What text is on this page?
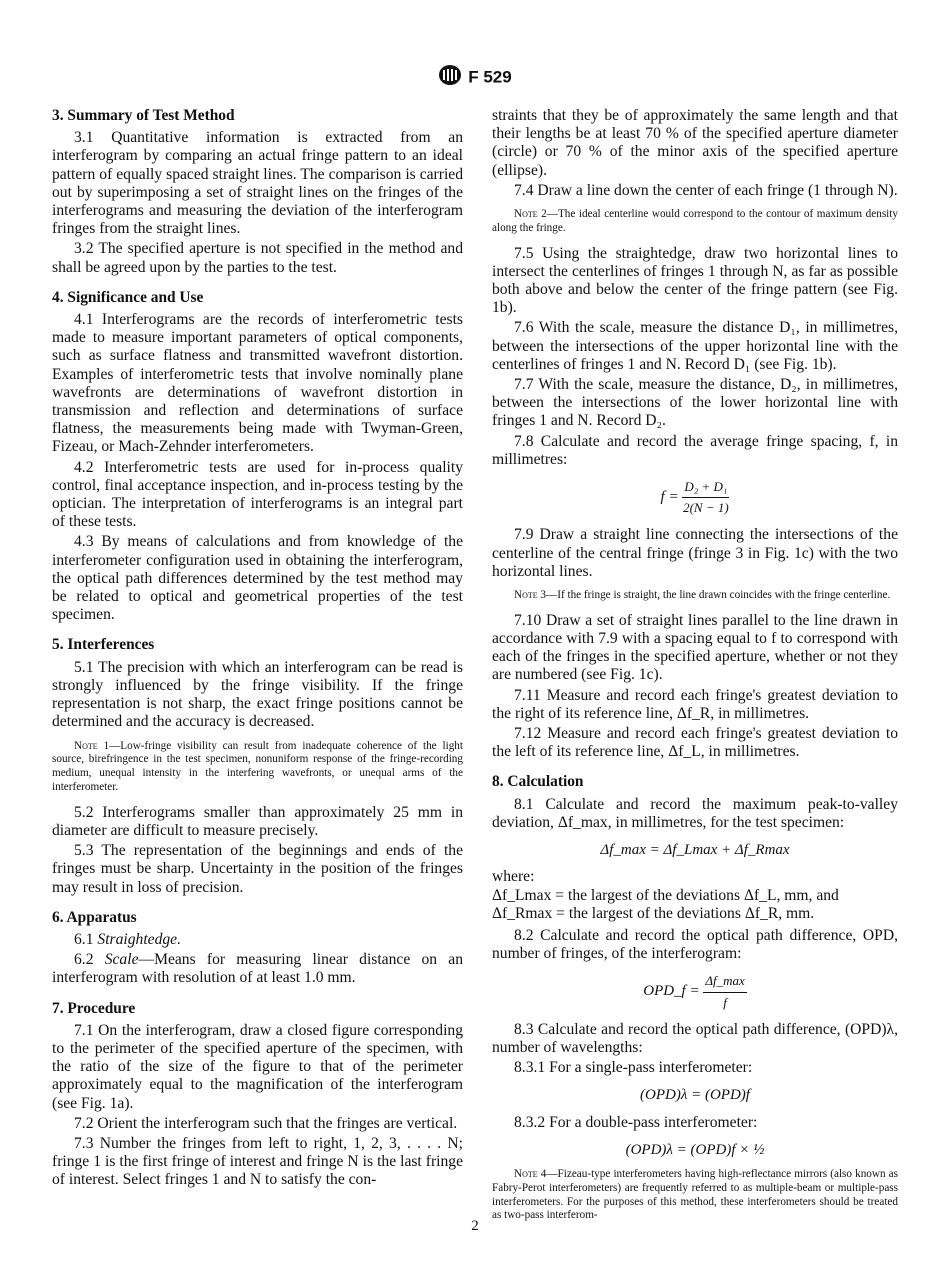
F 529
3. Summary of Test Method

3.1 Quantitative information is extracted from an interferogram by comparing an actual fringe pattern to an ideal pattern of equally spaced straight lines. The comparison is carried out by superimposing a set of straight lines on the fringes of the interferograms and measuring the deviation of the interferogram fringes from the straight lines.

3.2 The specified aperture is not specified in the method and shall be agreed upon by the parties to the test.

4. Significance and Use

4.1 Interferograms are the records of interferometric tests made to measure important parameters of optical components, such as surface flatness and transmitted wavefront distortion. Examples of interferometric tests that involve nominally plane wavefronts are determinations of wavefront distortion in transmission and reflection and determinations of surface flatness, the measurements being made with Twyman-Green, Fizeau, or Mach-Zehnder interferometers.

4.2 Interferometric tests are used for in-process quality control, final acceptance inspection, and in-process testing by the optician. The interpretation of interferograms is an integral part of these tests.

4.3 By means of calculations and from knowledge of the interferometer configuration used in obtaining the interferogram, the optical path differences determined by the test method may be related to optical and geometrical properties of the test specimen.

5. Interferences

5.1 The precision with which an interferogram can be read is strongly influenced by the fringe visibility. If the fringe representation is not sharp, the exact fringe positions cannot be determined and the accuracy is decreased.

Note 1—Low-fringe visibility can result from inadequate coherence of the light source, birefringence in the test specimen, nonuniform response of the fringe-recording medium, unequal intensity in the interfering wavefronts, or unequal arms of the interferometer.

5.2 Interferograms smaller than approximately 25 mm in diameter are difficult to measure precisely.

5.3 The representation of the beginnings and ends of the fringes must be sharp. Uncertainty in the position of the fringes may result in loss of precision.

6. Apparatus

6.1 Straightedge.

6.2 Scale—Means for measuring linear distance on an interferogram with resolution of at least 1.0 mm.

7. Procedure

7.1 On the interferogram, draw a closed figure corresponding to the perimeter of the specified aperture of the specimen, with the ratio of the size of the figure to that of the perimeter approximately equal to the magnification of the interferogram (see Fig. 1a).

7.2 Orient the interferogram such that the fringes are vertical.

7.3 Number the fringes from left to right, 1, 2, 3, . . . . N; fringe 1 is the first fringe of interest and fringe N is the last fringe of interest. Select fringes 1 and N to satisfy the con-

straints that they be of approximately the same length and that their lengths be at least 70 % of the specified aperture diameter (circle) or 70 % of the minor axis of the specified aperture (ellipse).

7.4 Draw a line down the center of each fringe (1 through N).

Note 2—The ideal centerline would correspond to the contour of maximum density along the fringe.

7.5 Using the straightedge, draw two horizontal lines to intersect the centerlines of fringes 1 through N, as far as possible both above and below the center of the fringe pattern (see Fig. 1b).

7.6 With the scale, measure the distance D₁, in millimetres, between the intersections of the upper horizontal line with the centerlines of fringes 1 and N. Record D₁ (see Fig. 1b).

7.7 With the scale, measure the distance, D₂, in millimetres, between the intersections of the lower horizontal line with fringes 1 and N. Record D₂.

7.8 Calculate and record the average fringe spacing, f, in millimetres:

$f = \frac{\text{D₂ + D₁}}{2(N - 1)}$

7.9 Draw a straight line connecting the intersections of the centerline of the central fringe (fringe 3 in Fig. 1c) with the two horizontal lines.

Note 3—If the fringe is straight, the line drawn coincides with the fringe centerline.

7.10 Draw a set of straight lines parallel to the line drawn in accordance with 7.9 with a spacing equal to f to correspond with each of the fringes in the specified aperture, whether or not they are numbered (see Fig. 1c).

7.11 Measure and record each fringe's greatest deviation to the right of its reference line, Δf_R, in millimetres.

7.12 Measure and record each fringe's greatest deviation to the left of its reference line, Δf_L, in millimetres.

8. Calculation

8.1 Calculate and record the maximum peak-to-valley deviation, Δf_max, in millimetres, for the test specimen:

Δf_max = Δf_Lmax + Δf_Rmax
where:
Δf_Lmax = the largest of the deviations Δf_L, mm, and
Δf_Rmax = the largest of the deviations Δf_R, mm.

8.2 Calculate and record the optical path difference, OPD, number of fringes, of the interferogram:

OPD_f = $\frac{\Delta f\_\max}{f}$

8.3 Calculate and record the optical path difference, (OPD)λ, number of wavelengths:

8.3.1 For a single-pass interferometer:

(OPD)λ = (OPD)f

8.3.2 For a double-pass interferometer:

(OPD)λ = (OPD)f × ½
Note 4—Fizeau-type interferometers having high-reflectance mirrors (also known as Fabry-Perot interferometers) are frequently referred to as multiple-beam or multiple-pass interferometers. For the purposes of this method, these interferometers should be treated as two-pass interferom-
2
